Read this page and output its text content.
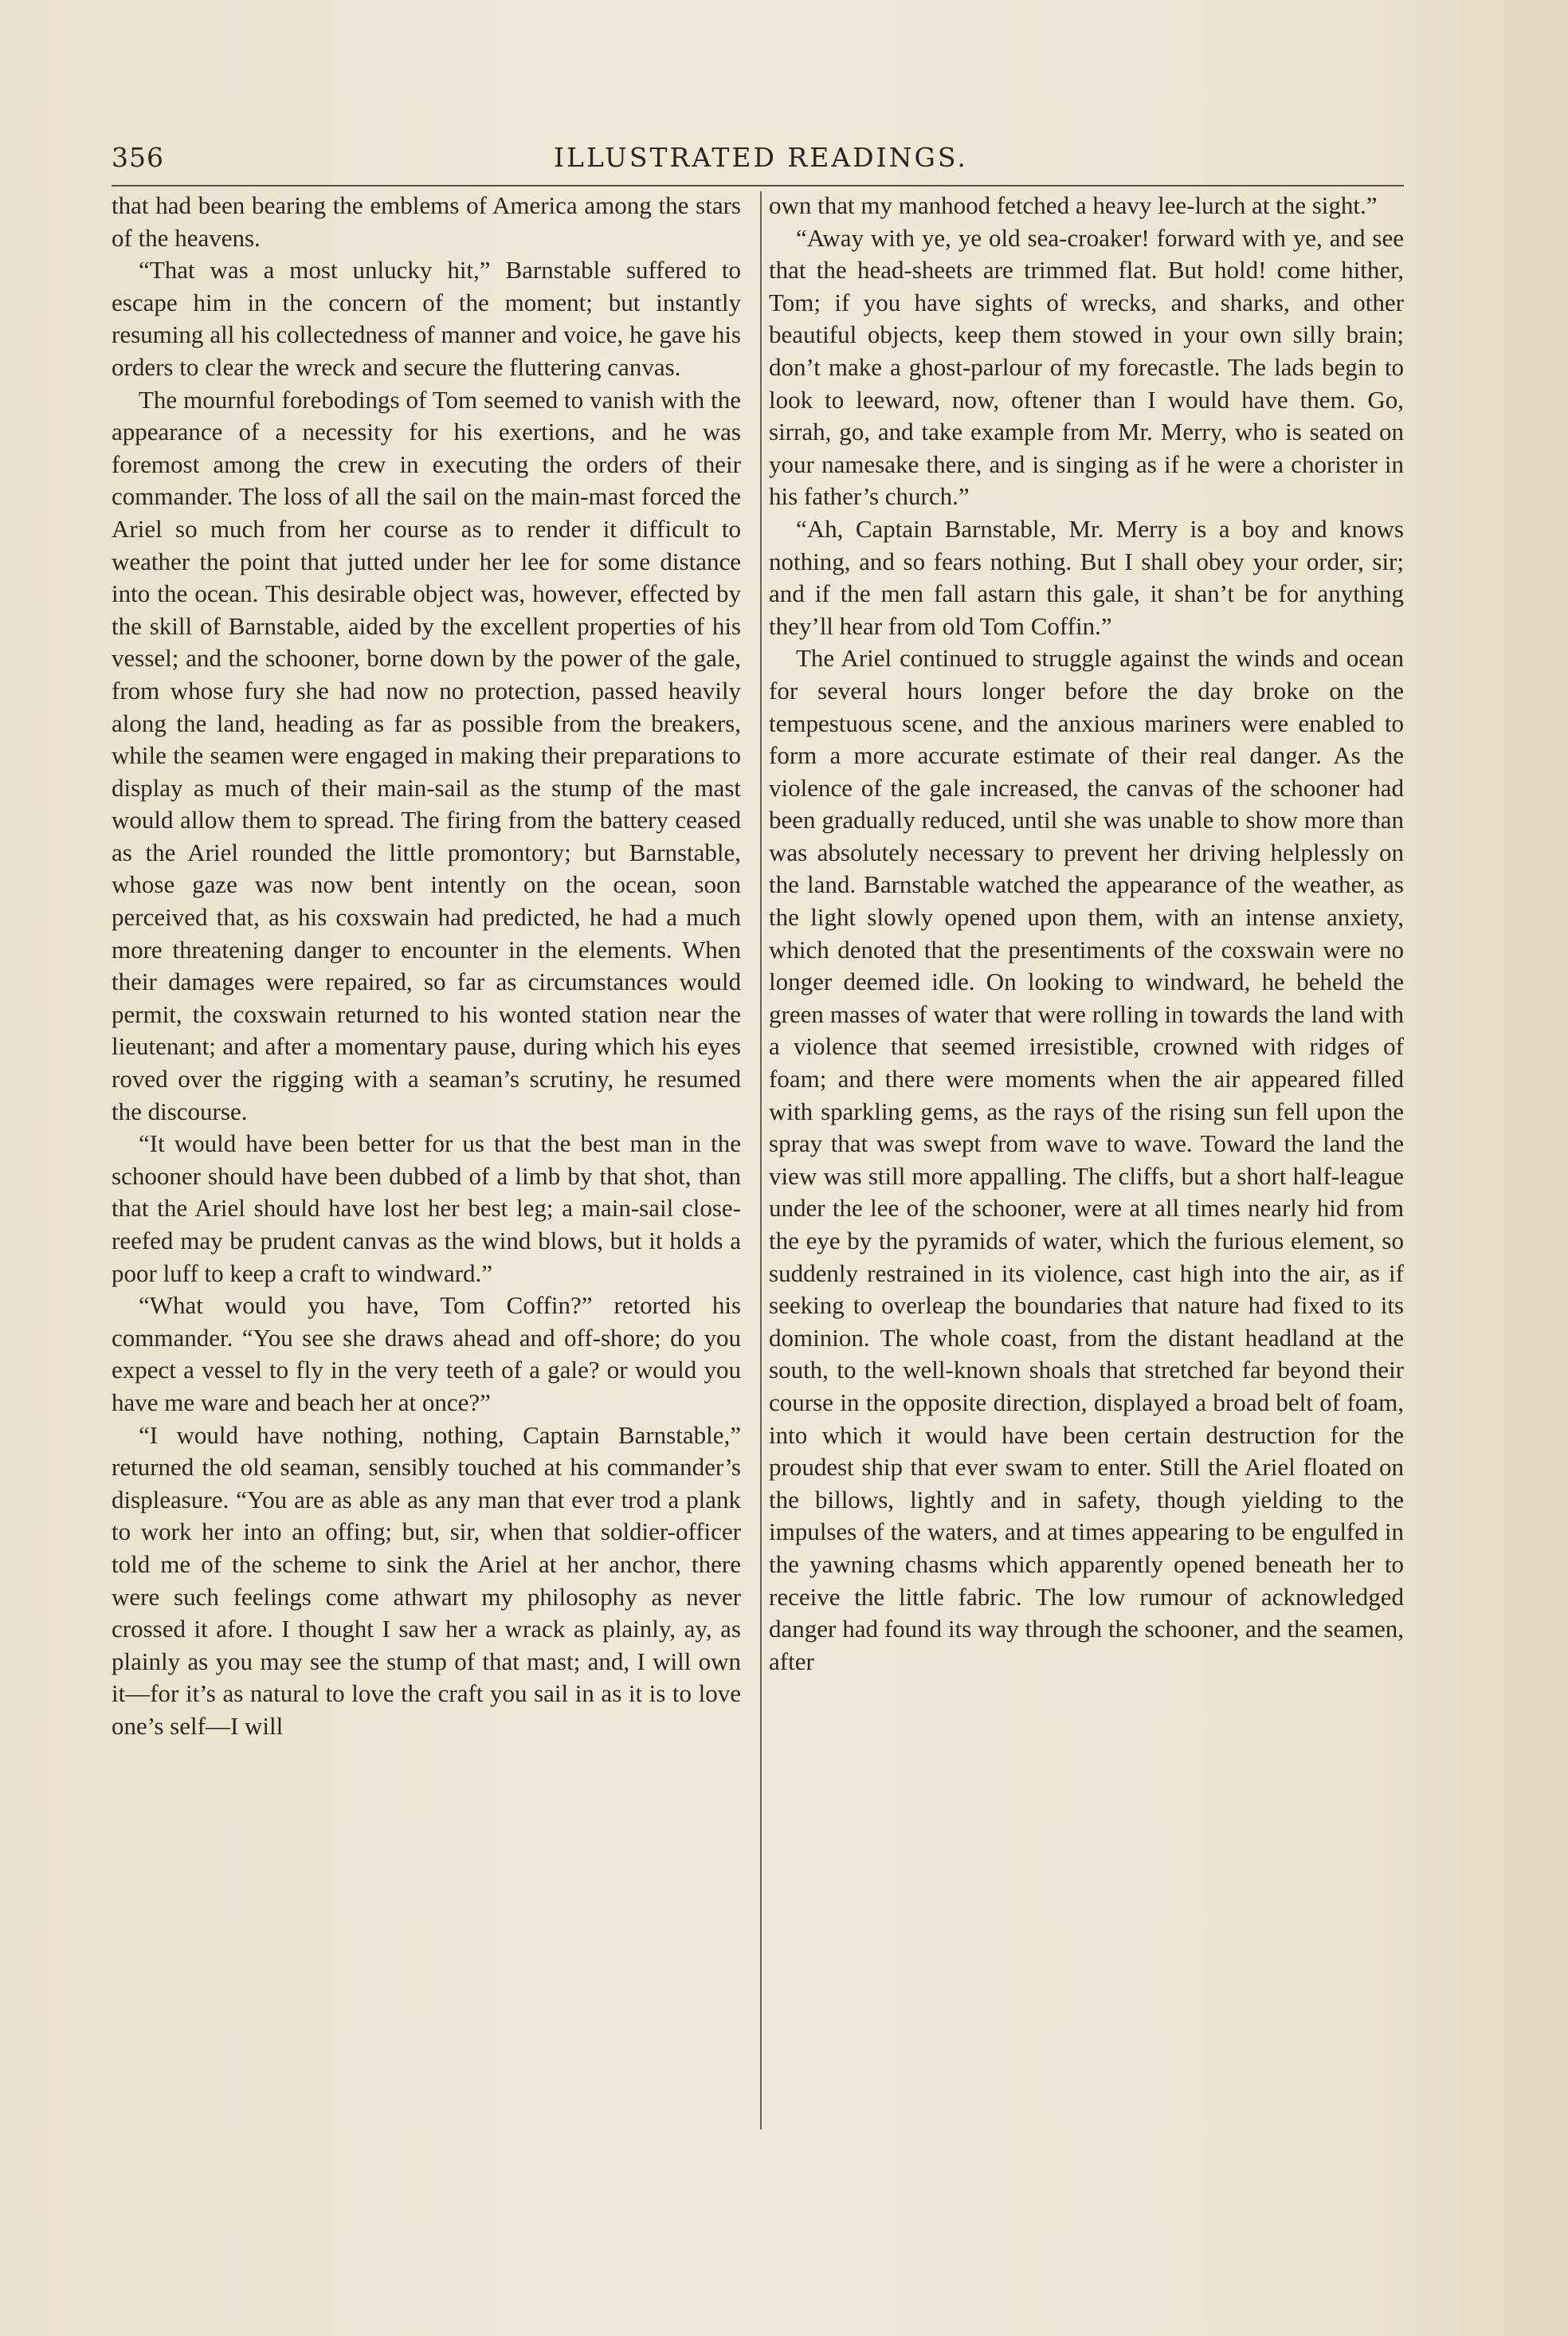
356	ILLUSTRATED READINGS.

that had been bearing the emblems of America among the stars of the heavens.

“That was a most unlucky hit,” Barnstable suffered to escape him in the concern of the moment; but instantly resuming all his collectedness of manner and voice, he gave his orders to clear the wreck and secure the fluttering canvas.

The mournful forebodings of Tom seemed to vanish with the appearance of a necessity for his exertions, and he was foremost among the crew in executing the orders of their commander. The loss of all the sail on the main-mast forced the Ariel so much from her course as to render it difficult to weather the point that jutted under her lee for some distance into the ocean. This desirable object was, however, effected by the skill of Barnstable, aided by the excellent properties of his vessel; and the schooner, borne down by the power of the gale, from whose fury she had now no protection, passed heavily along the land, heading as far as possible from the breakers, while the seamen were engaged in making their preparations to display as much of their main-sail as the stump of the mast would allow them to spread. The firing from the battery ceased as the Ariel rounded the little promontory; but Barnstable, whose gaze was now bent intently on the ocean, soon perceived that, as his coxswain had predicted, he had a much more threatening danger to encounter in the elements. When their damages were repaired, so far as circumstances would permit, the coxswain returned to his wonted station near the lieutenant; and after a momentary pause, during which his eyes roved over the rigging with a seaman’s scrutiny, he resumed the discourse.

“It would have been better for us that the best man in the schooner should have been dubbed of a limb by that shot, than that the Ariel should have lost her best leg; a main-sail close-reefed may be prudent canvas as the wind blows, but it holds a poor luff to keep a craft to windward.”

“What would you have, Tom Coffin?” retorted his commander. “You see she draws ahead and off-shore; do you expect a vessel to fly in the very teeth of a gale? or would you have me ware and beach her at once?”

“I would have nothing, nothing, Captain Barnstable,” returned the old seaman, sensibly touched at his commander’s displeasure. “You are as able as any man that ever trod a plank to work her into an offing; but, sir, when that soldier-officer told me of the scheme to sink the Ariel at her anchor, there were such feelings come athwart my philosophy as never crossed it afore. I thought I saw her a wrack as plainly, ay, as plainly as you may see the stump of that mast; and, I will own it—for it’s as natural to love the craft you sail in as it is to love one’s self—I will

own that my manhood fetched a heavy lee-lurch at the sight.”

“Away with ye, ye old sea-croaker! forward with ye, and see that the head-sheets are trimmed flat. But hold! come hither, Tom; if you have sights of wrecks, and sharks, and other beautiful objects, keep them stowed in your own silly brain; don’t make a ghost-parlour of my forecastle. The lads begin to look to leeward, now, oftener than I would have them. Go, sirrah, go, and take example from Mr. Merry, who is seated on your namesake there, and is singing as if he were a chorister in his father’s church.”

“Ah, Captain Barnstable, Mr. Merry is a boy and knows nothing, and so fears nothing. But I shall obey your order, sir; and if the men fall astarn this gale, it shan’t be for anything they’ll hear from old Tom Coffin.”

The Ariel continued to struggle against the winds and ocean for several hours longer before the day broke on the tempestuous scene, and the anxious mariners were enabled to form a more accurate estimate of their real danger. As the violence of the gale increased, the canvas of the schooner had been gradually reduced, until she was unable to show more than was absolutely necessary to prevent her driving helplessly on the land. Barnstable watched the appearance of the weather, as the light slowly opened upon them, with an intense anxiety, which denoted that the presentiments of the coxswain were no longer deemed idle. On looking to windward, he beheld the green masses of water that were rolling in towards the land with a violence that seemed irresistible, crowned with ridges of foam; and there were moments when the air appeared filled with sparkling gems, as the rays of the rising sun fell upon the spray that was swept from wave to wave. Toward the land the view was still more appalling. The cliffs, but a short half-league under the lee of the schooner, were at all times nearly hid from the eye by the pyramids of water, which the furious element, so suddenly restrained in its violence, cast high into the air, as if seeking to overleap the boundaries that nature had fixed to its dominion. The whole coast, from the distant headland at the south, to the well-known shoals that stretched far beyond their course in the opposite direction, displayed a broad belt of foam, into which it would have been certain destruction for the proudest ship that ever swam to enter. Still the Ariel floated on the billows, lightly and in safety, though yielding to the impulses of the waters, and at times appearing to be engulfed in the yawning chasms which apparently opened beneath her to receive the little fabric. The low rumour of acknowledged danger had found its way through the schooner, and the seamen, after
